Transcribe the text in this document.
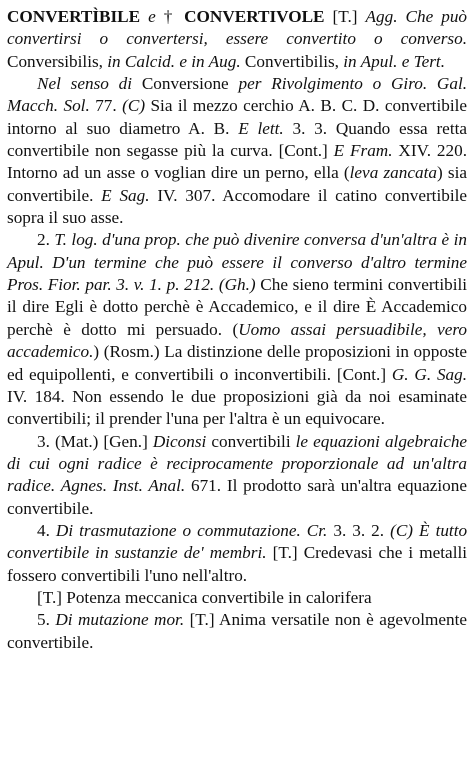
CONVERTÌBILE e † CONVERTIVOLE [T.] Agg. Che può convertirsi o convertersi, essere convertito o converso. Conversibilis, in Calcid. e in Aug. Convertibilis, in Apul. e Tert.

Nel senso di Conversione per Rivolgimento o Giro. Gal. Macch. Sol. 77. (C) Sia il mezzo cerchio A. B. C. D. convertibile intorno al suo diametro A. B. E lett. 3. 3. Quando essa retta convertibile non segasse più la curva. [Cont.] E Fram. XIV. 220. Intorno ad un asse o voglian dire un perno, ella (leva zancata) sia convertibile. E Sag. IV. 307. Accomodare il catino convertibile sopra il suo asse.

2. T. log. d'una prop. che può divenire conversa d'un'altra è in Apul. D'un termine che può essere il converso d'altro termine Pros. Fior. par. 3. v. 1. p. 212. (Gh.) Che sieno termini convertibili il dire Egli è dotto perchè è Accademico, e il dire È Accademico perchè è dotto mi persuado. (Uomo assai persuadibile, vero accademico.) (Rosm.) La distinzione delle proposizioni in opposte ed equipollenti, e convertibili o inconvertibili. [Cont.] G. G. Sag. IV. 184. Non essendo le due proposizioni già da noi esaminate convertibili; il prender l'una per l'altra è un equivocare.

3. (Mat.) [Gen.] Diconsi convertibili le equazioni algebraiche di cui ogni radice è reciprocamente proporzionale ad un'altra radice. Agnes. Inst. Anal. 671. Il prodotto sarà un'altra equazione convertibile.

4. Di trasmutazione o commutazione. Cr. 3. 3. 2. (C) È tutto convertibile in sustanzie de' membri. [T.] Credevasi che i metalli fossero convertibili l'uno nell'altro.

[T.] Potenza meccanica convertibile in calorifera

5. Di mutazione mor. [T.] Anima versatile non è agevolmente convertibile.
